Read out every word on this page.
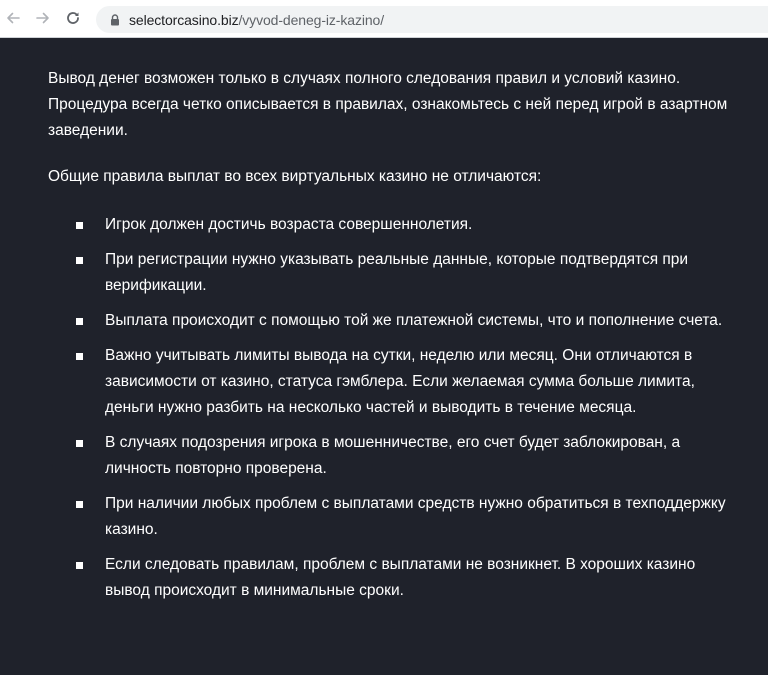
selectorcasino.biz/vyvod-deneg-iz-kazino/

Вывод денег возможен только в случаях полного следования правил и условий казино. Процедура всегда четко описывается в правилах, ознакомьтесь с ней перед игрой в азартном заведении.

Общие правила выплат во всех виртуальных казино не отличаются:

Игрок должен достичь возраста совершеннолетия.
При регистрации нужно указывать реальные данные, которые подтвердятся при верификации.
Выплата происходит с помощью той же платежной системы, что и пополнение счета.
Важно учитывать лимиты вывода на сутки, неделю или месяц. Они отличаются в зависимости от казино, статуса гэмблера. Если желаемая сумма больше лимита, деньги нужно разбить на несколько частей и выводить в течение месяца.
В случаях подозрения игрока в мошенничестве, его счет будет заблокирован, а личность повторно проверена.
При наличии любых проблем с выплатами средств нужно обратиться в техподдержку казино.
Если следовать правилам, проблем с выплатами не возникнет. В хороших казино вывод происходит в минимальные сроки.
